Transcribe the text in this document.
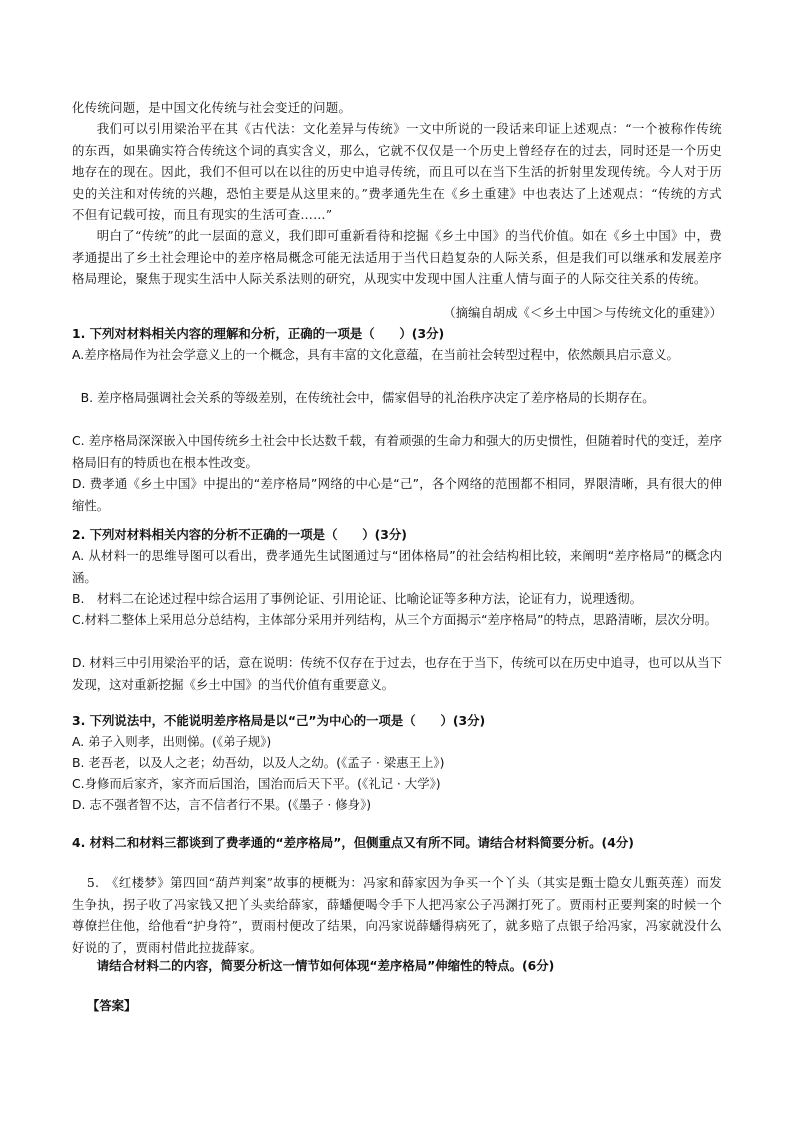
化传统问题，是中国文化传统与社会变迁的问题。

我们可以引用梁治平在其《古代法：文化差异与传统》一文中所说的一段话来印证上述观点：“一个被称作传统的东西，如果确实符合传统这个词的真实含义，那么，它就不仅仅是一个历史上曾经存在的过去，同时还是一个历史地存在的现在。因此，我们不但可以在以往的历史中追寻传统，而且可以在当下生活的折射里发现传统。今人对于历史的关注和对传统的兴趣，恐怕主要是从这里来的。”费孝通先生在《乡土重建》中也表达了上述观点：“传统的方式不但有记载可按，而且有现实的生活可查……”

明白了“传统”的此一层面的意义，我们即可重新看待和挖掘《乡土中国》的当代价值。如在《乡土中国》中，费孝通提出了乡土社会理论中的差序格局概念可能无法适用于当代日趋复杂的人际关系，但是我们可以继承和发展差序格局理论，聚焦于现实生活中人际关系法则的研究，从现实中发现中国人注重人情与面子的人际交往关系的传统。

（摘编自胡成《＜乡土中国＞与传统文化的重建》）

1. 下列对材料相关内容的理解和分析，正确的一项是（　　）(3分)

A.差序格局作为社会学意义上的一个概念，具有丰富的文化意蕴，在当前社会转型过程中，依然颇具启示意义。

B. 差序格局强调社会关系的等级差别，在传统社会中，儒家倡导的礼治秩序决定了差序格局的长期存在。

C. 差序格局深深嵌入中国传统乡土社会中长达数千载，有着顽强的生命力和强大的历史惯性，但随着时代的变迁，差序格局旧有的特质也在根本性改变。

D. 费孝通《乡土中国》中提出的“差序格局”网络的中心是“己”，各个网络的范围都不相同，界限清晰，具有很大的伸缩性。

2. 下列对材料相关内容的分析不正确的一项是（　　）(3分)

A. 从材料一的思维导图可以看出，费孝通先生试图通过与“团体格局”的社会结构相比较，来阐明“差序格局”的概念内涵。

B.　材料二在论述过程中综合运用了事例论证、引用论证、比喻论证等多种方法，论证有力，说理透彻。

C.材料二整体上采用总分总结构，主体部分采用并列结构，从三个方面揭示“差序格局”的特点，思路清晰，层次分明。

D. 材料三中引用梁治平的话，意在说明：传统不仅存在于过去，也存在于当下，传统可以在历史中追寻，也可以从当下发现，这对重新挖掘《乡土中国》的当代价值有重要意义。

3. 下列说法中，不能说明差序格局是以“己”为中心的一项是（　　）(3分)

A. 弟子入则孝，出则悌。(《弟子规》)

B. 老吾老，以及人之老；幼吾幼，以及人之幼。(《孟子 · 梁惠王上》)

C.身修而后家齐，家齐而后国治，国治而后天下平。(《礼记 · 大学》)

D. 志不强者智不达，言不信者行不果。(《墨子 · 修身》)

4. 材料二和材料三都谈到了费孝通的“差序格局”，但侧重点又有所不同。请结合材料简要分析。(4分)

5.　《红楼梦》第四回“葫芦判案”故事的梗概为：冯家和薛家因为争买一个丫头（其实是甄士隐女儿甄英莲）而发生争执，拐子收了冯家钱又把丫头卖给薛家，薛蟠便喝令手下人把冯家公子冯渊打死了。贾雨村正要判案的时候一个尊僚拦住他，给他看“护身符”，贾雨村便改了结果，向冯家说薛蟠得病死了，就多赔了点银子给冯家，冯家就没什么好说的了，贾雨村借此拉拢薛家。

请结合材料二的内容，简要分析这一情节如何体现“差序格局”伸缩性的特点。(6分)

【答案】
